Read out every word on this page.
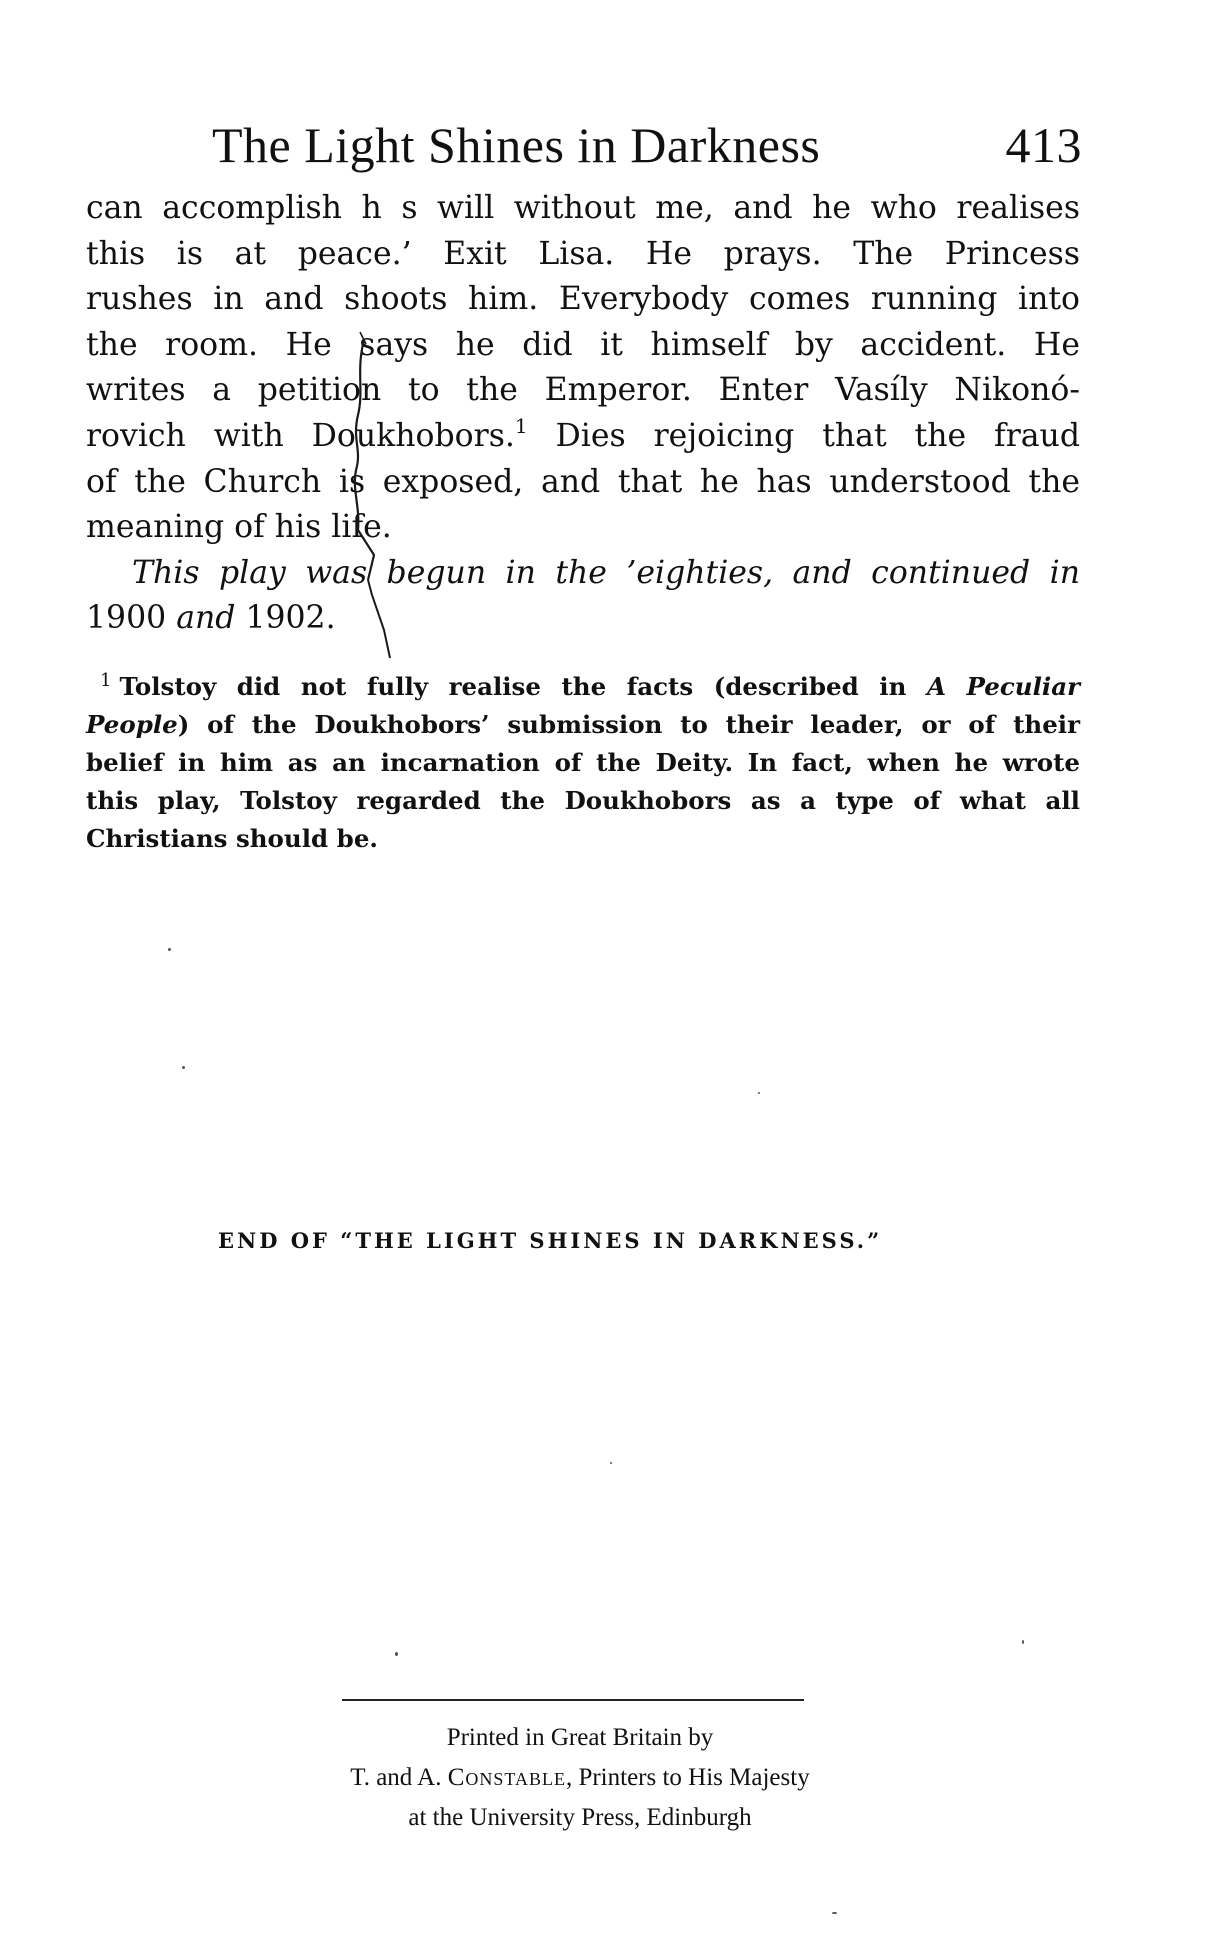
The Light Shines in Darkness	413
can accomplish h s will without me, and he who realises
this is at peace.’ Exit Lisa. He prays. The Princess
rushes in and shoots him. Everybody comes running into
the room. He says he did it himself by accident. He
writes a petition to the Emperor. Enter Vasíly Nikonó-
rovich with Doukhobors.$^1$ Dies rejoicing that the fraud
of the Church is exposed, and that he has understood the
meaning of his life.
This play was begun in the ’eighties, and continued in
1900 and 1902.
$^1$ Tolstoy did not fully realise the facts (described in A Peculiar
People) of the Doukhobors’ submission to their leader, or of their
belief in him as an incarnation of the Deity. In fact, when he wrote
this play, Tolstoy regarded the Doukhobors as a type of what all
Christians should be.
END OF “THE LIGHT SHINES IN DARKNESS.”
Printed in Great Britain by
T. and A. Constable, Printers to His Majesty
at the University Press, Edinburgh
